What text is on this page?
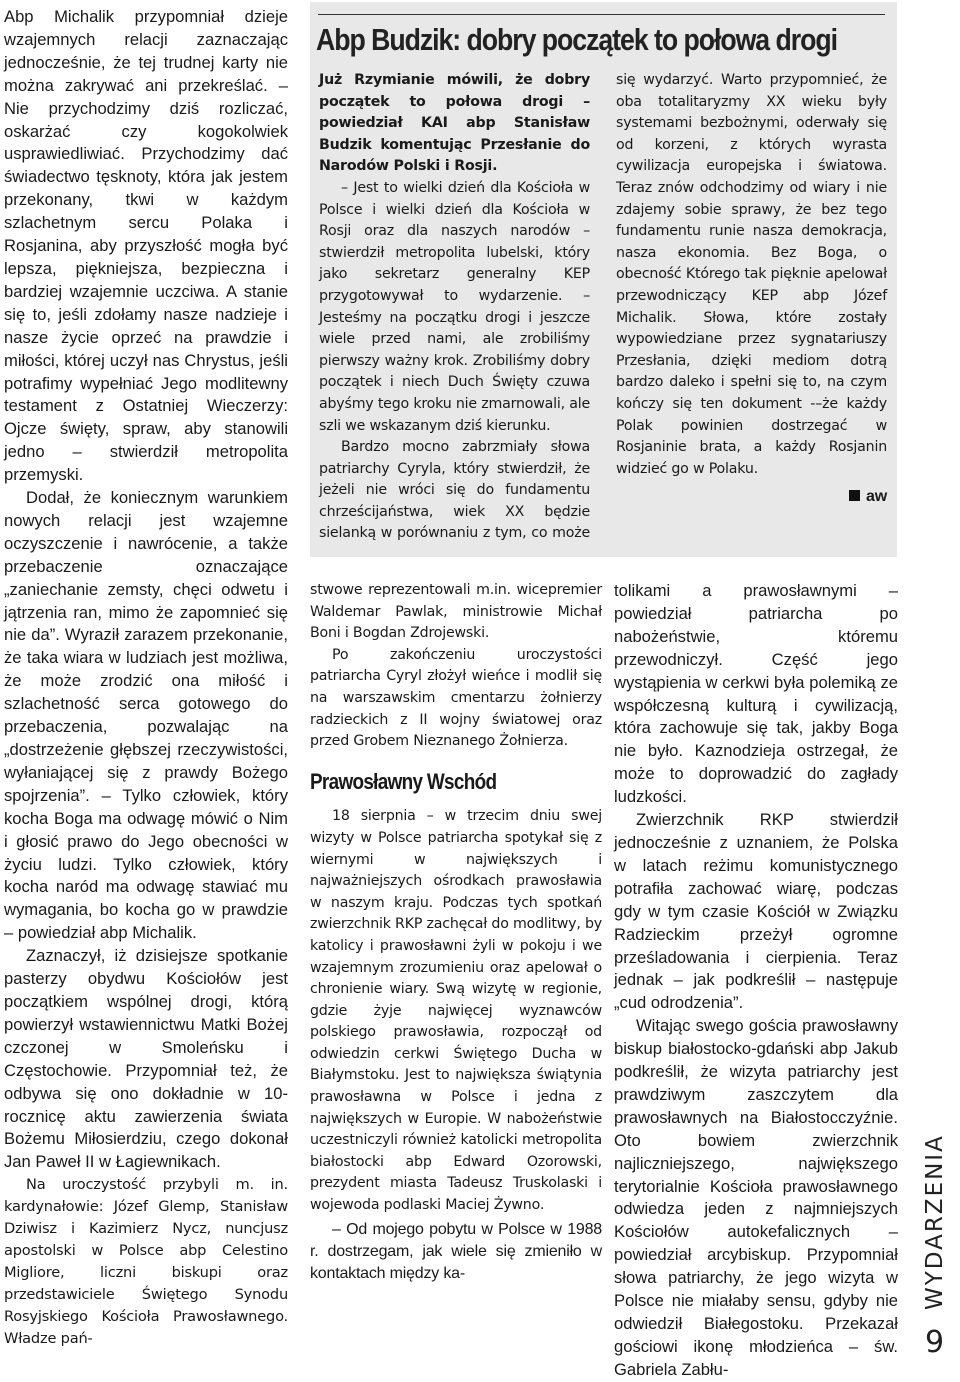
Abp Michalik przypomniał dzieje wzajemnych relacji zaznaczając jednocześnie, że tej trudnej karty nie można zakrywać ani przekreślać. – Nie przychodzimy dziś rozliczać, oskarżać czy kogokolwiek usprawiedliwiać. Przychodzimy dać świadectwo tęsknoty, która jak jestem przekonany, tkwi w każdym szlachetnym sercu Polaka i Rosjanina, aby przyszłość mogła być lepsza, piękniejsza, bezpieczna i bardziej wzajemnie uczciwa. A stanie się to, jeśli zdołamy nasze nadzieje i nasze życie oprzeć na prawdzie i miłości, której uczył nas Chrystus, jeśli potrafimy wypełniać Jego modlitewny testament z Ostatniej Wieczerzy: Ojcze święty, spraw, aby stanowili jedno – stwierdził metropolita przemyski.

Dodał, że koniecznym warunkiem nowych relacji jest wzajemne oczyszczenie i nawrócenie, a także przebaczenie oznaczające „zaniechanie zemsty, chęci odwetu i jątrzenia ran, mimo że zapomnieć się nie da”. Wyraził zarazem przekonanie, że taka wiara w ludziach jest możliwa, że może zrodzić ona miłość i szlachetność serca gotowego do przebaczenia, pozwalając na „dostrzeżenie głębszej rzeczywistości, wyłaniającej się z prawdy Bożego spojrzenia”. – Tylko człowiek, który kocha Boga ma odwagę mówić o Nim i głosić prawo do Jego obecności w życiu ludzi. Tylko człowiek, który kocha naród ma odwagę stawiać mu wymagania, bo kocha go w prawdzie – powiedział abp Michalik.

Zaznaczył, iż dzisiejsze spotkanie pasterzy obydwu Kościołów jest początkiem wspólnej drogi, którą powierzył wstawiennictwu Matki Bożej czczonej w Smoleńsku i Częstochowie. Przypomniał też, że odbywa się ono dokładnie w 10-rocznicę aktu zawierzenia świata Bożemu Miłosierdziu, czego dokonał Jan Paweł II w Łagiewnikach.

Na uroczystość przybyli m. in. kardynałowie: Józef Glemp, Stanisław Dziwisz i Kazimierz Nycz, nuncjusz apostolski w Polsce abp Celestino Migliore, liczni biskupi oraz przedstawiciele Świętego Synodu Rosyjskiego Kościoła Prawosławnego. Władze pań-

Abp Budzik: dobry początek to połowa drogi

Już Rzymianie mówili, że dobry początek to połowa drogi – powiedział KAI abp Stanisław Budzik komentując Przesłanie do Narodów Polski i Rosji.

– Jest to wielki dzień dla Kościoła w Polsce i wielki dzień dla Kościoła w Rosji oraz dla naszych narodów – stwierdził metropolita lubelski, który jako sekretarz generalny KEP przygotowywał to wydarzenie. – Jesteśmy na początku drogi i jeszcze wiele przed nami, ale zrobiliśmy pierwszy ważny krok. Zrobiliśmy dobry początek i niech Duch Święty czuwa abyśmy tego kroku nie zmarnowali, ale szli we wskazanym dziś kierunku.

Bardzo mocno zabrzmiały słowa patriarchy Cyryla, który stwierdził, że jeżeli nie wróci się do fundamentu chrześcijaństwa, wiek XX będzie sielanką w porównaniu z tym, co może się wydarzyć. Warto przypomnieć, że oba totalitaryzmy XX wieku były systemami bezbożnymi, oderwały się od korzeni, z których wyrasta cywilizacja europejska i światowa. Teraz znów odchodzimy od wiary i nie zdajemy sobie sprawy, że bez tego fundamentu runie nasza demokracja, nasza ekonomia. Bez Boga, o obecność Którego tak pięknie apelował przewodniczący KEP abp Józef Michalik. Słowa, które zostały wypowiedziane przez sygnatariuszy Przesłania, dzięki mediom dotrą bardzo daleko i spełni się to, na czym kończy się ten dokument -–że każdy Polak powinien dostrzegać w Rosjaninie brata, a każdy Rosjanin widzieć go w Polaku.

aw

stwowe reprezentowali m.in. wicepremier Waldemar Pawlak, ministrowie Michał Boni i Bogdan Zdrojewski.

Po zakończeniu uroczystości patriarcha Cyryl złożył wieńce i modlił się na warszawskim cmentarzu żołnierzy radzieckich z II wojny światowej oraz przed Grobem Nieznanego Żołnierza.

Prawosławny Wschód

18 sierpnia – w trzecim dniu swej wizyty w Polsce patriarcha spotykał się z wiernymi w największych i najważniejszych ośrodkach prawosławia w naszym kraju. Podczas tych spotkań zwierzchnik RKP zachęcał do modlitwy, by katolicy i prawosławni żyli w pokoju i we wzajemnym zrozumieniu oraz apelował o chronienie wiary. Swą wizytę w regionie, gdzie żyje najwięcej wyznawców polskiego prawosławia, rozpoczął od odwiedzin cerkwi Świętego Ducha w Białymstoku. Jest to największa świątynia prawosławna w Polsce i jedna z największych w Europie. W nabożeństwie uczestniczyli również katolicki metropolita białostocki abp Edward Ozorowski, prezydent miasta Tadeusz Truskolaski i wojewoda podlaski Maciej Żywno.

– Od mojego pobytu w Polsce w 1988 r. dostrzegam, jak wiele się zmieniło w kontaktach między ka-

tolikami a prawosławnymi – powiedział patriarcha po nabożeństwie, któremu przewodniczył. Część jego wystąpienia w cerkwi była polemiką ze współczesną kulturą i cywilizacją, która zachowuje się tak, jakby Boga nie było. Kaznodzieja ostrzegał, że może to doprowadzić do zagłady ludzkości.

Zwierzchnik RKP stwierdził jednocześnie z uznaniem, że Polska w latach reżimu komunistycznego potrafiła zachować wiarę, podczas gdy w tym czasie Kościół w Związku Radzieckim przeżył ogromne prześladowania i cierpienia. Teraz jednak – jak podkreślił – następuje „cud odrodzenia”.

Witając swego gościa prawosławny biskup białostocko-gdański abp Jakub podkreślił, że wizyta patriarchy jest prawdziwym zaszczytem dla prawosławnych na Białostocczyźnie. Oto bowiem zwierzchnik najliczniejszego, największego terytorialnie Kościoła prawosławnego odwiedza jeden z najmniejszych Kościołów autokefalicznych – powiedział arcybiskup. Przypomniał słowa patriarchy, że jego wizyta w Polsce nie miałaby sensu, gdyby nie odwiedził Białegostoku. Przekazał gościowi ikonę młodzieńca – św. Gabriela Zabłu-

WYDARZENIA
9
